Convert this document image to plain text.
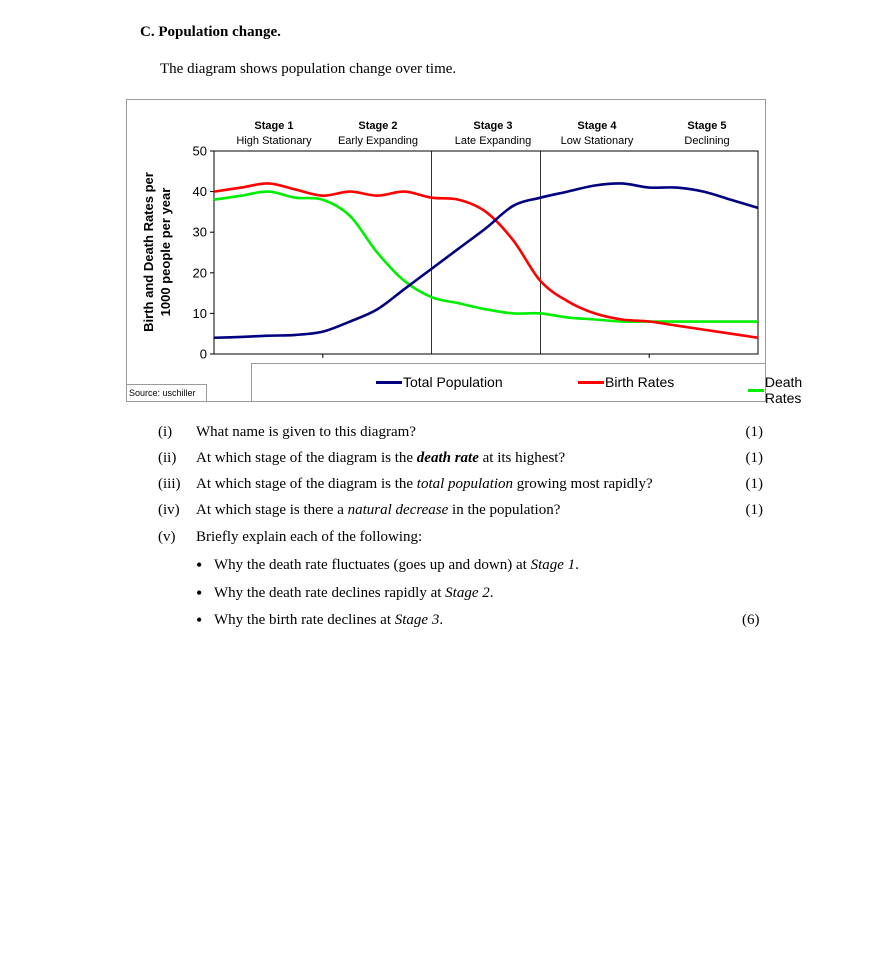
C. Population change.
The diagram shows population change over time.
0
10
20
30
40
50
Birth and Death Rates per 1000 people per year
Stage 1
High Stationary
Stage 2
Early Expanding
Stage 3
Late Expanding
Stage 4
Low Stationary
Stage 5
Declining
Total Population	Birth Rates	Death Rates
Source: uschiller
(i) What name is given to this diagram?	(1)
(ii) At which stage of the diagram is the death rate at its highest?	(1)
(iii) At which stage of the diagram is the total population growing most rapidly?	(1)
(iv) At which stage is there a natural decrease in the population?	(1)
(v) Briefly explain each of the following:
• Why the death rate fluctuates (goes up and down) at Stage 1.
• Why the death rate declines rapidly at Stage 2.
• Why the birth rate declines at Stage 3.	(6)
